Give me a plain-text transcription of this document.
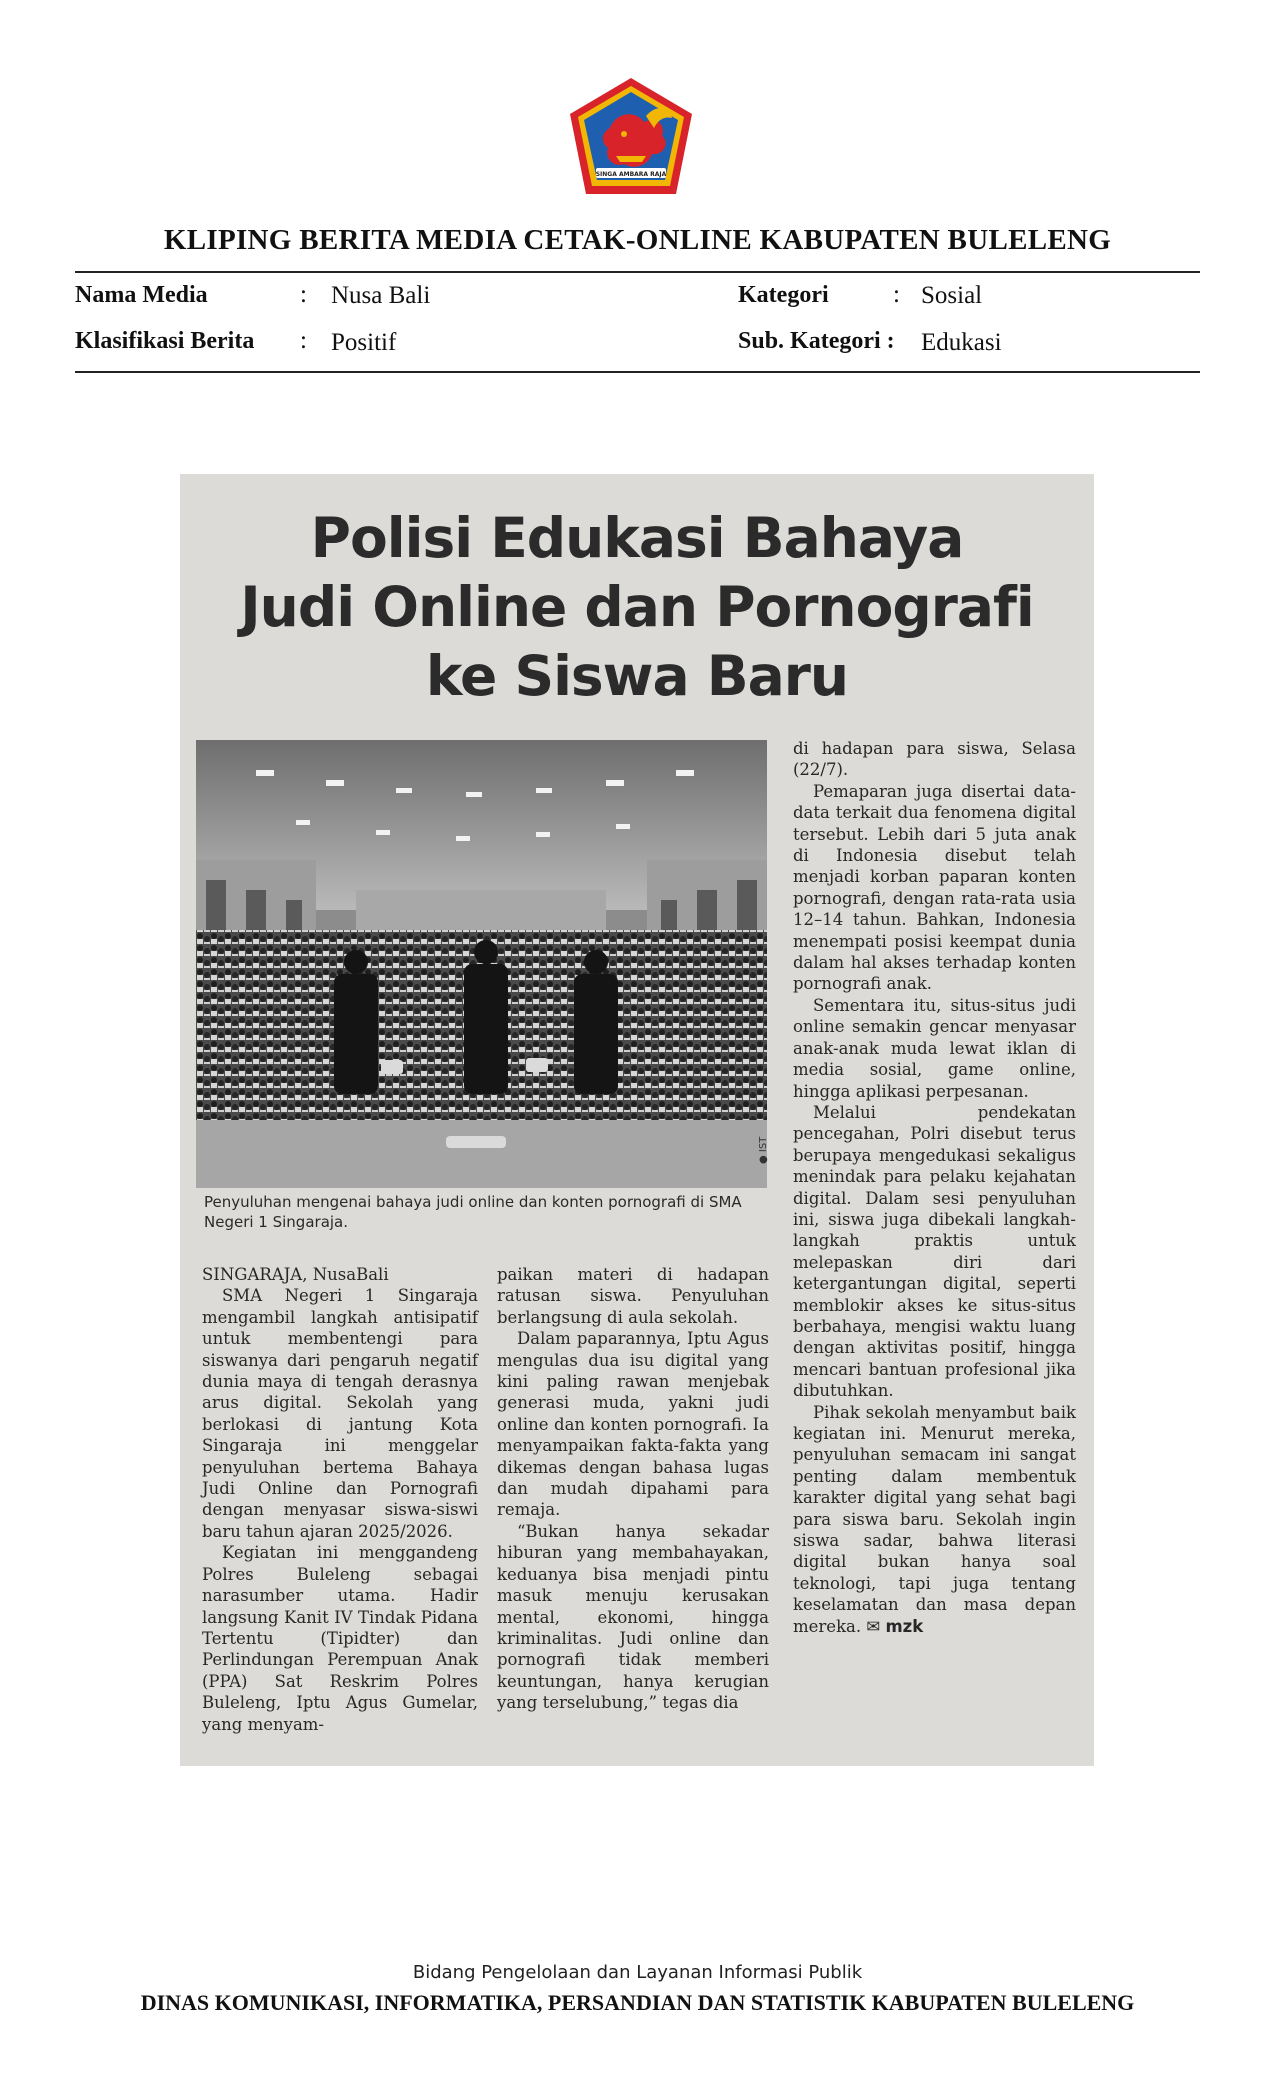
SINGA AMBARA RAJA
KLIPING BERITA MEDIA CETAK-ONLINE KABUPATEN BULELENG
Nama Media	: Nusa Bali	Kategori	: Sosial
Klasifikasi Berita : Positif	Sub. Kategori : Edukasi
Polisi Edukasi Bahaya
Judi Online dan Pornografi
ke Siswa Baru
● IST
Penyuluhan mengenai bahaya judi online dan konten pornografi di SMA Negeri 1 Singaraja.
SINGARAJA, NusaBali

SMA Negeri 1 Singaraja mengambil langkah antisipatif untuk membentengi para siswanya dari pengaruh negatif dunia maya di tengah derasnya arus digital. Sekolah yang berlokasi di jantung Kota Singaraja ini menggelar penyuluhan bertema Bahaya Judi Online dan Pornografi dengan menyasar siswa-siswi baru tahun ajaran 2025/2026.

Kegiatan ini menggandeng Polres Buleleng sebagai narasumber utama. Hadir langsung Kanit IV Tindak Pidana Tertentu (Tipidter) dan Perlindungan Perempuan Anak (PPA) Sat Reskrim Polres Buleleng, Iptu Agus Gumelar, yang menyam-

paikan materi di hadapan ratusan siswa. Penyuluhan berlangsung di aula sekolah.

Dalam paparannya, Iptu Agus mengulas dua isu digital yang kini paling rawan menjebak generasi muda, yakni judi online dan konten pornografi. Ia menyampaikan fakta-fakta yang dikemas dengan bahasa lugas dan mudah dipahami para remaja.

“Bukan hanya sekadar hiburan yang membahayakan, keduanya bisa menjadi pintu masuk menuju kerusakan mental, ekonomi, hingga kriminalitas. Judi online dan pornografi tidak memberi keuntungan, hanya kerugian yang terselubung,” tegas dia

di hadapan para siswa, Selasa (22/7).

Pemaparan juga disertai data-data terkait dua fenomena digital tersebut. Lebih dari 5 juta anak di Indonesia disebut telah menjadi korban paparan konten pornografi, dengan rata-rata usia 12–14 tahun. Bahkan, Indonesia menempati posisi keempat dunia dalam hal akses terhadap konten pornografi anak.

Sementara itu, situs-situs judi online semakin gencar menyasar anak-anak muda lewat iklan di media sosial, game online, hingga aplikasi perpesanan.

Melalui pendekatan pencegahan, Polri disebut terus berupaya mengedukasi sekaligus menindak para pelaku kejahatan digital. Dalam sesi penyuluhan ini, siswa juga dibekali langkah-langkah praktis untuk melepaskan diri dari ketergantungan digital, seperti memblokir akses ke situs-situs berbahaya, mengisi waktu luang dengan aktivitas positif, hingga mencari bantuan profesional jika dibutuhkan.

Pihak sekolah menyambut baik kegiatan ini. Menurut mereka, penyuluhan semacam ini sangat penting dalam membentuk karakter digital yang sehat bagi para siswa baru. Sekolah ingin siswa sadar, bahwa literasi digital bukan hanya soal teknologi, tapi juga tentang keselamatan dan masa depan mereka. ✉ mzk

Bidang Pengelolaan dan Layanan Informasi Publik
DINAS KOMUNIKASI, INFORMATIKA, PERSANDIAN DAN STATISTIK KABUPATEN BULELENG
